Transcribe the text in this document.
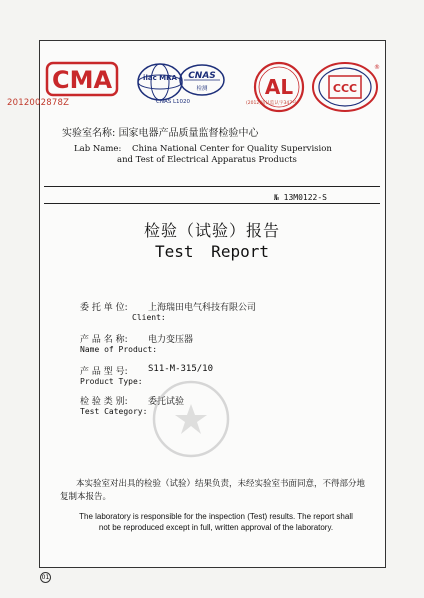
CMA	ilac MRA CNAS
检测	AL	CCC
®
2012002878Z	CNAS L1020	(2012)质认监认字347号
实验室名称: 国家电器产品质量监督检验中心
Lab Name: China National Center for Quality Supervision
and Test of Electrical Apparatus Products
№ 13M0122-S
检验（试验）报告
Test Report
委 托 单 位: 上海瑞田电气科技有限公司
Client:
产 品 名 称: 电力变压器
Name of Product:
产 品 型 号: S11-M-315/10
Product Type:
检 验 类 别: 委托试验
Test Category:
本实验室对出具的检验（试验）结果负责，未经实验室书面同意，不得部分地复制本报告。
The laboratory is responsible for the inspection (Test) results. The report shall
not be reproduced except in full, written approval of the laboratory.
01
